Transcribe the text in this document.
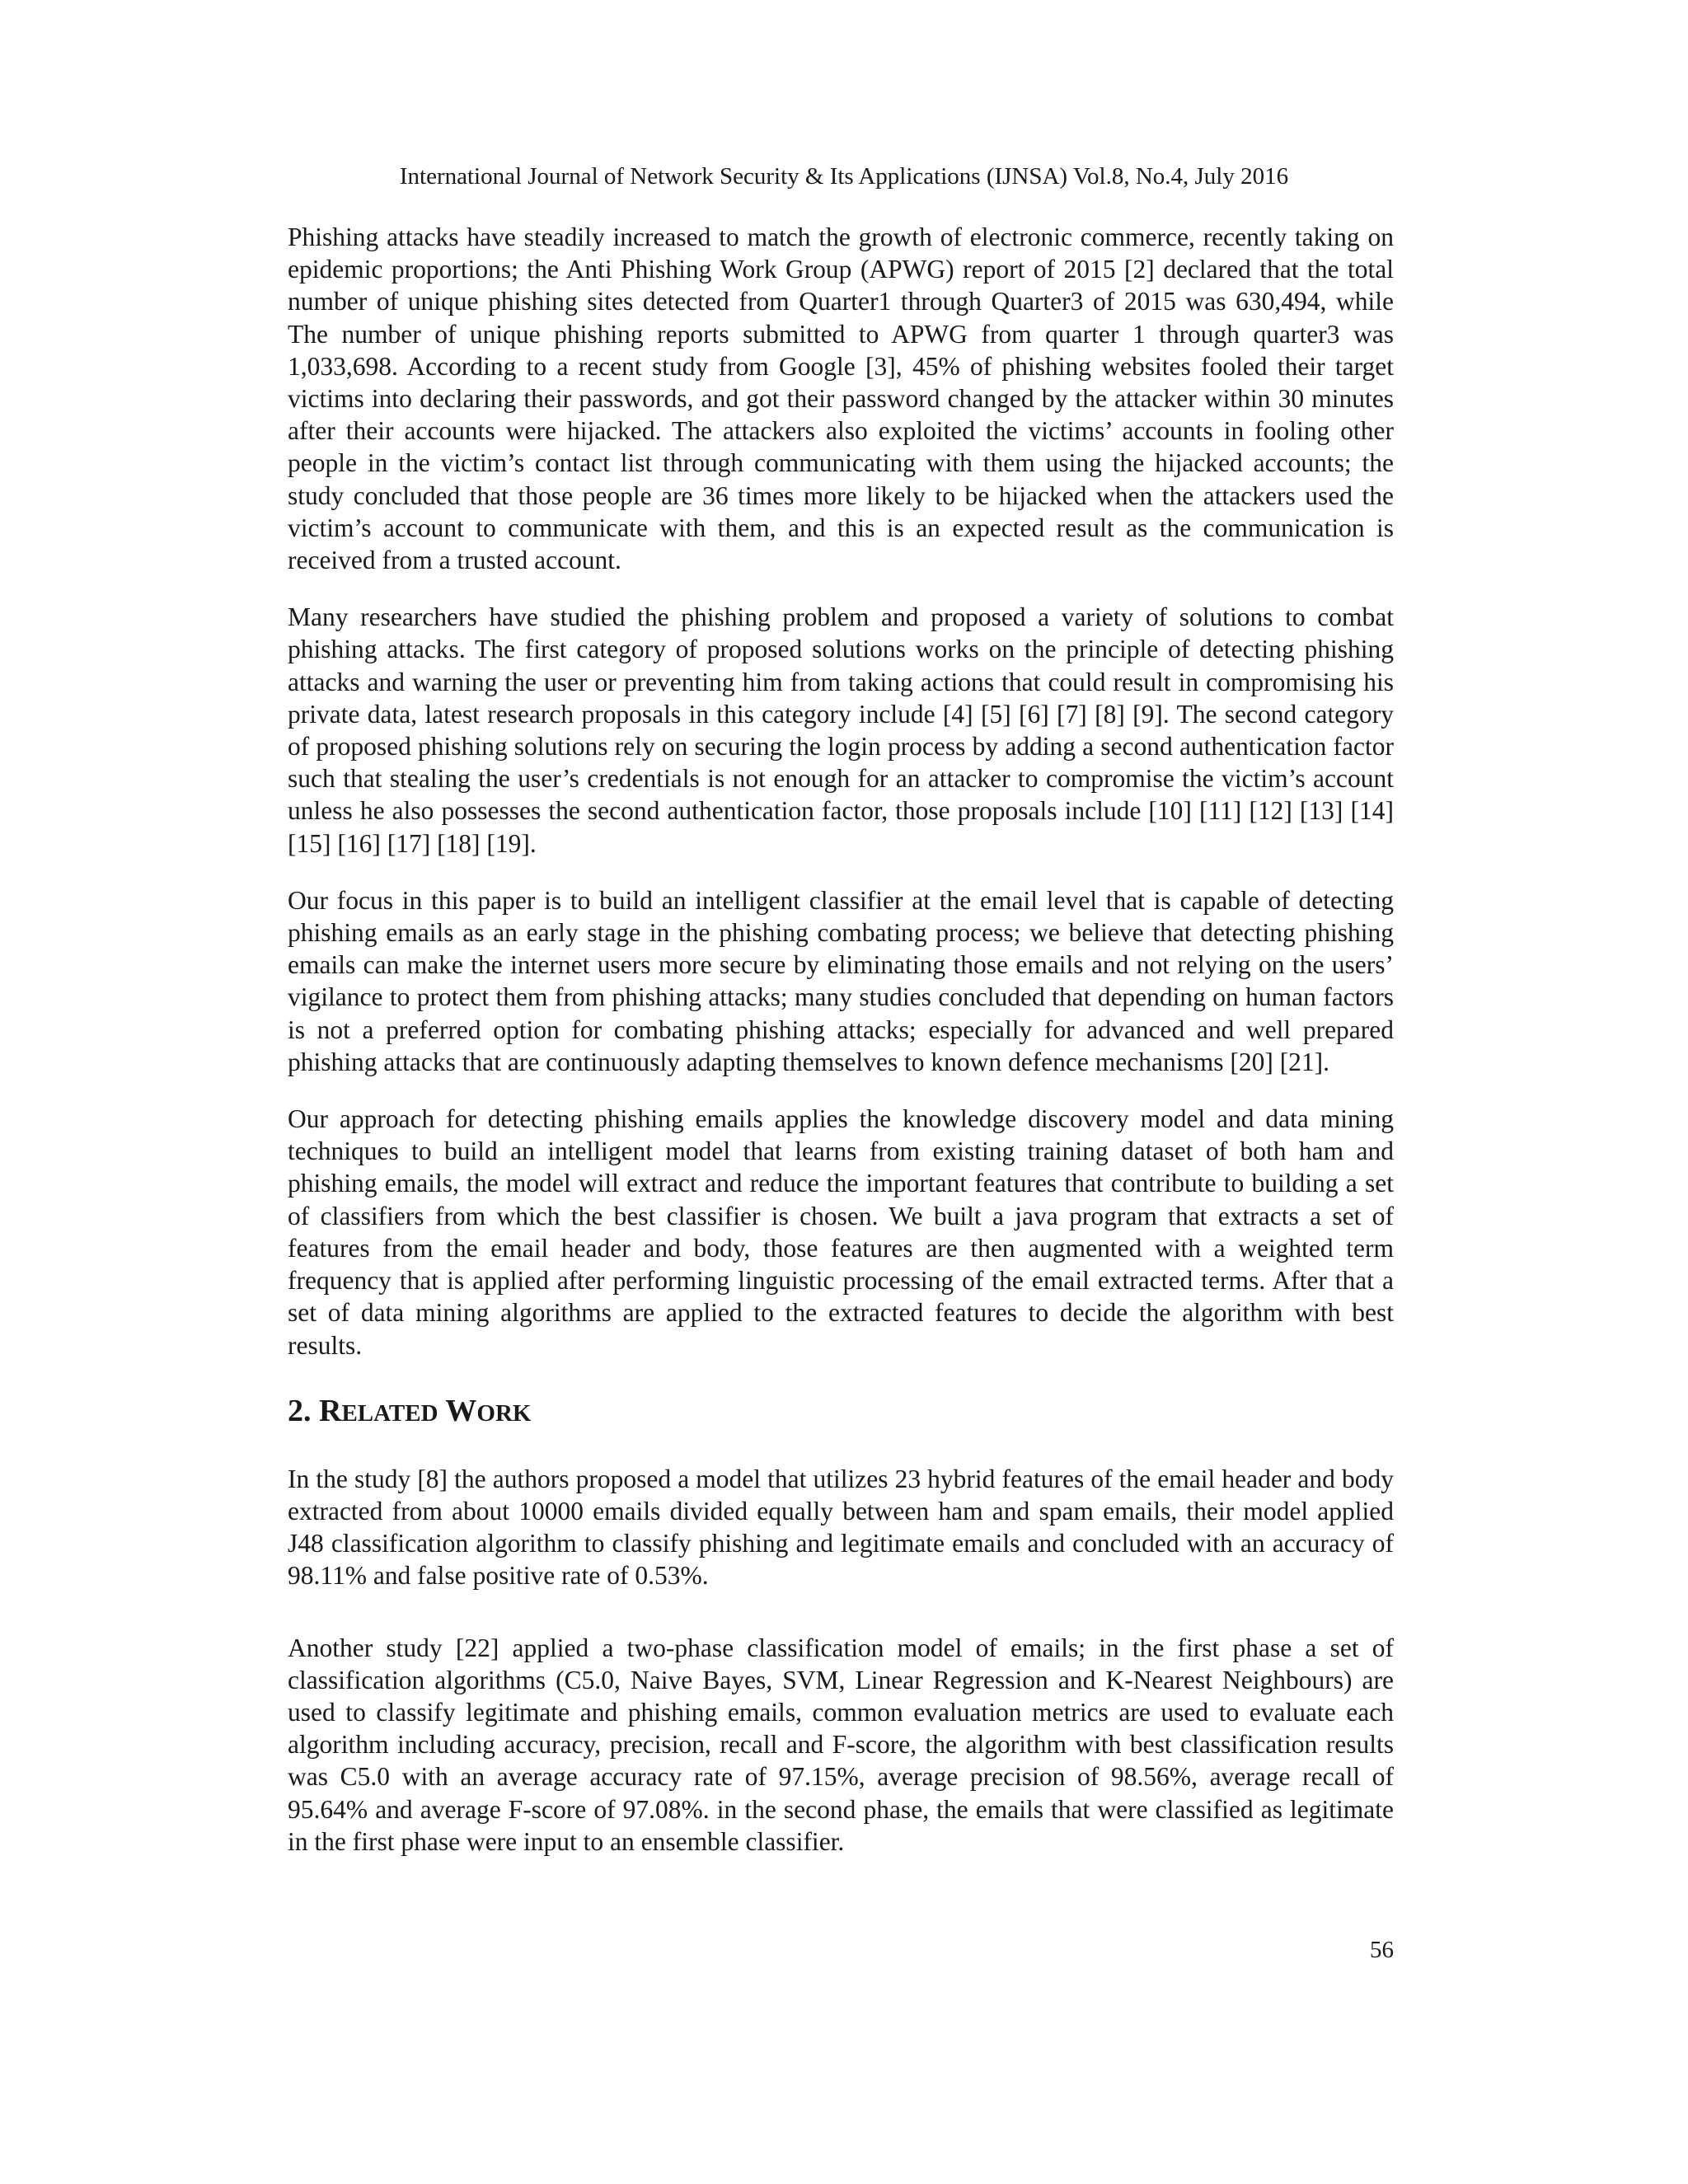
International Journal of Network Security & Its Applications (IJNSA) Vol.8, No.4, July 2016

Phishing attacks have steadily increased to match the growth of electronic commerce, recently taking on epidemic proportions; the Anti Phishing Work Group (APWG) report of 2015 [2] declared that the total number of unique phishing sites detected from Quarter1 through Quarter3 of 2015 was 630,494, while The number of unique phishing reports submitted to APWG from quarter 1 through quarter3 was 1,033,698. According to a recent study from Google [3], 45% of phishing websites fooled their target victims into declaring their passwords, and got their password changed by the attacker within 30 minutes after their accounts were hijacked. The attackers also exploited the victims’ accounts in fooling other people in the victim’s contact list through communicating with them using the hijacked accounts; the study concluded that those people are 36 times more likely to be hijacked when the attackers used the victim’s account to communicate with them, and this is an expected result as the communication is received from a trusted account.

Many researchers have studied the phishing problem and proposed a variety of solutions to combat phishing attacks. The first category of proposed solutions works on the principle of detecting phishing attacks and warning the user or preventing him from taking actions that could result in compromising his private data, latest research proposals in this category include [4] [5] [6] [7] [8] [9]. The second category of proposed phishing solutions rely on securing the login process by adding a second authentication factor such that stealing the user’s credentials is not enough for an attacker to compromise the victim’s account unless he also possesses the second authentication factor, those proposals include [10] [11] [12] [13] [14] [15] [16] [17] [18] [19].

Our focus in this paper is to build an intelligent classifier at the email level that is capable of detecting phishing emails as an early stage in the phishing combating process; we believe that detecting phishing emails can make the internet users more secure by eliminating those emails and not relying on the users’ vigilance to protect them from phishing attacks; many studies concluded that depending on human factors is not a preferred option for combating phishing attacks; especially for advanced and well prepared phishing attacks that are continuously adapting themselves to known defence mechanisms [20] [21].

Our approach for detecting phishing emails applies the knowledge discovery model and data mining techniques to build an intelligent model that learns from existing training dataset of both ham and phishing emails, the model will extract and reduce the important features that contribute to building a set of classifiers from which the best classifier is chosen. We built a java program that extracts a set of features from the email header and body, those features are then augmented with a weighted term frequency that is applied after performing linguistic processing of the email extracted terms. After that a set of data mining algorithms are applied to the extracted features to decide the algorithm with best results.

2. RELATED WORK

In the study [8] the authors proposed a model that utilizes 23 hybrid features of the email header and body extracted from about 10000 emails divided equally between ham and spam emails, their model applied J48 classification algorithm to classify phishing and legitimate emails and concluded with an accuracy of 98.11% and false positive rate of 0.53%.

Another study [22] applied a two-phase classification model of emails; in the first phase a set of classification algorithms (C5.0, Naive Bayes, SVM, Linear Regression and K-Nearest Neighbours) are used to classify legitimate and phishing emails, common evaluation metrics are used to evaluate each algorithm including accuracy, precision, recall and F-score, the algorithm with best classification results was C5.0 with an average accuracy rate of 97.15%, average precision of 98.56%, average recall of 95.64% and average F-score of 97.08%. in the second phase, the emails that were classified as legitimate in the first phase were input to an ensemble classifier.

56
